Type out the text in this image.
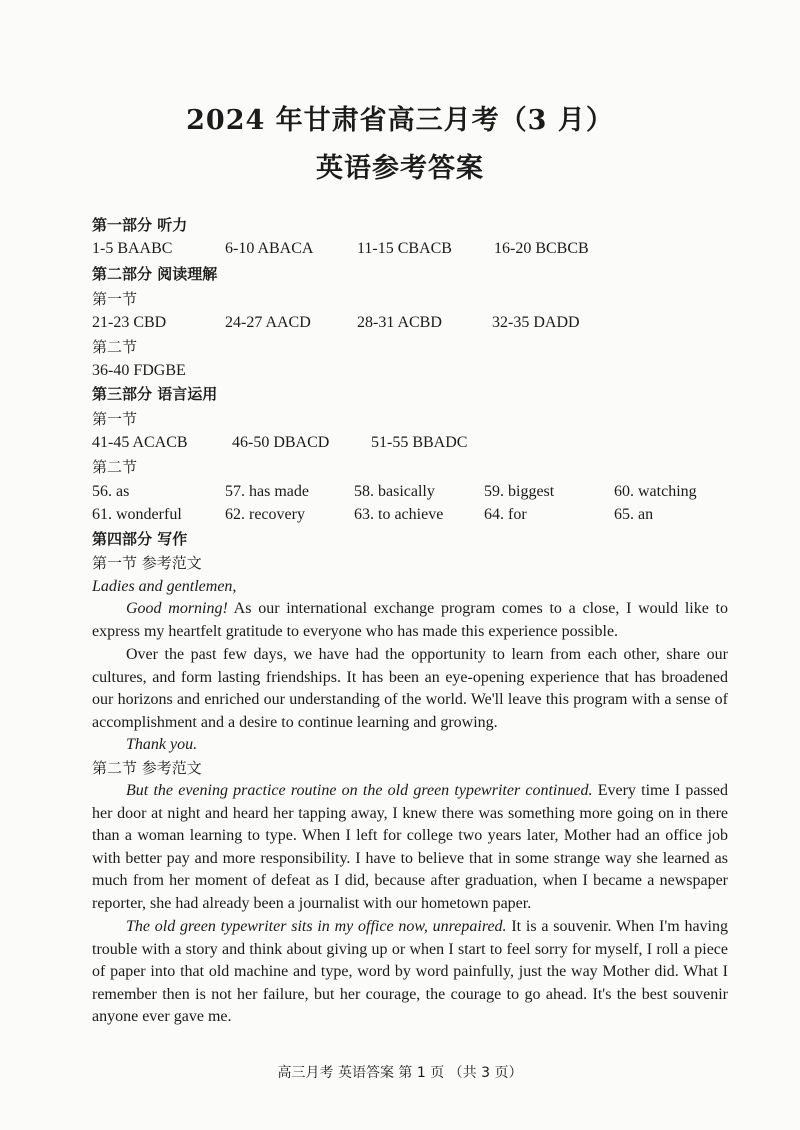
2024 年甘肃省高三月考（3 月）
英语参考答案
第一部分 听力
1-5 BAABC	6-10 ABACA	11-15 CBACB	16-20 BCBCB
第二部分 阅读理解
第一节
21-23 CBD	24-27 AACD	28-31 ACBD	32-35 DADD
第二节
36-40 FDGBE
第三部分 语言运用
第一节
41-45 ACACB	46-50 DBACD	51-55 BBADC
第二节
56. as	57. has made	58. basically	59. biggest	60. watching
61. wonderful	62. recovery	63. to achieve	64. for	65. an
第四部分 写作
第一节 参考范文
Ladies and gentlemen,
Good morning! As our international exchange program comes to a close, I would like to express my heartfelt gratitude to everyone who has made this experience possible.
Over the past few days, we have had the opportunity to learn from each other, share our cultures, and form lasting friendships. It has been an eye-opening experience that has broadened our horizons and enriched our understanding of the world. We'll leave this program with a sense of accomplishment and a desire to continue learning and growing.
Thank you.
第二节 参考范文
But the evening practice routine on the old green typewriter continued. Every time I passed her door at night and heard her tapping away, I knew there was something more going on in there than a woman learning to type. When I left for college two years later, Mother had an office job with better pay and more responsibility. I have to believe that in some strange way she learned as much from her moment of defeat as I did, because after graduation, when I became a newspaper reporter, she had already been a journalist with our hometown paper.
The old green typewriter sits in my office now, unrepaired. It is a souvenir. When I'm having trouble with a story and think about giving up or when I start to feel sorry for myself, I roll a piece of paper into that old machine and type, word by word painfully, just the way Mother did. What I remember then is not her failure, but her courage, the courage to go ahead. It's the best souvenir anyone ever gave me.
高三月考 英语答案 第 1 页 （共 3 页）
